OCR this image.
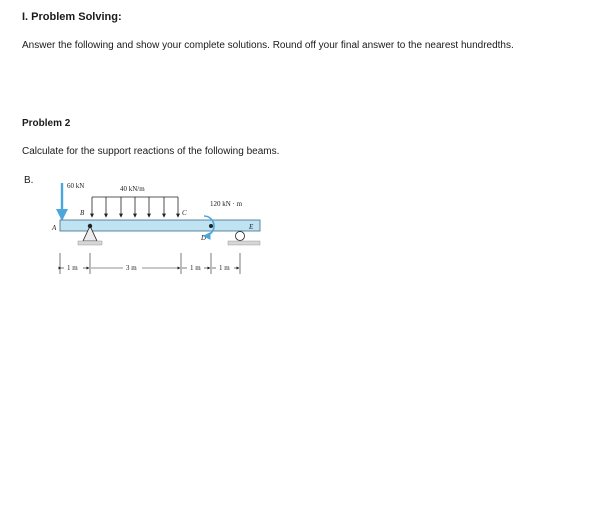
I. Problem Solving:

Answer the following and show your complete solutions. Round off your final answer to the nearest hundredths.

Problem 2

Calculate for the support reactions of the following beams.

B.	60 kN	40 kN/m
A
B	C
D
E
120 kN · m
1 m	3 m	1 m	1 m
